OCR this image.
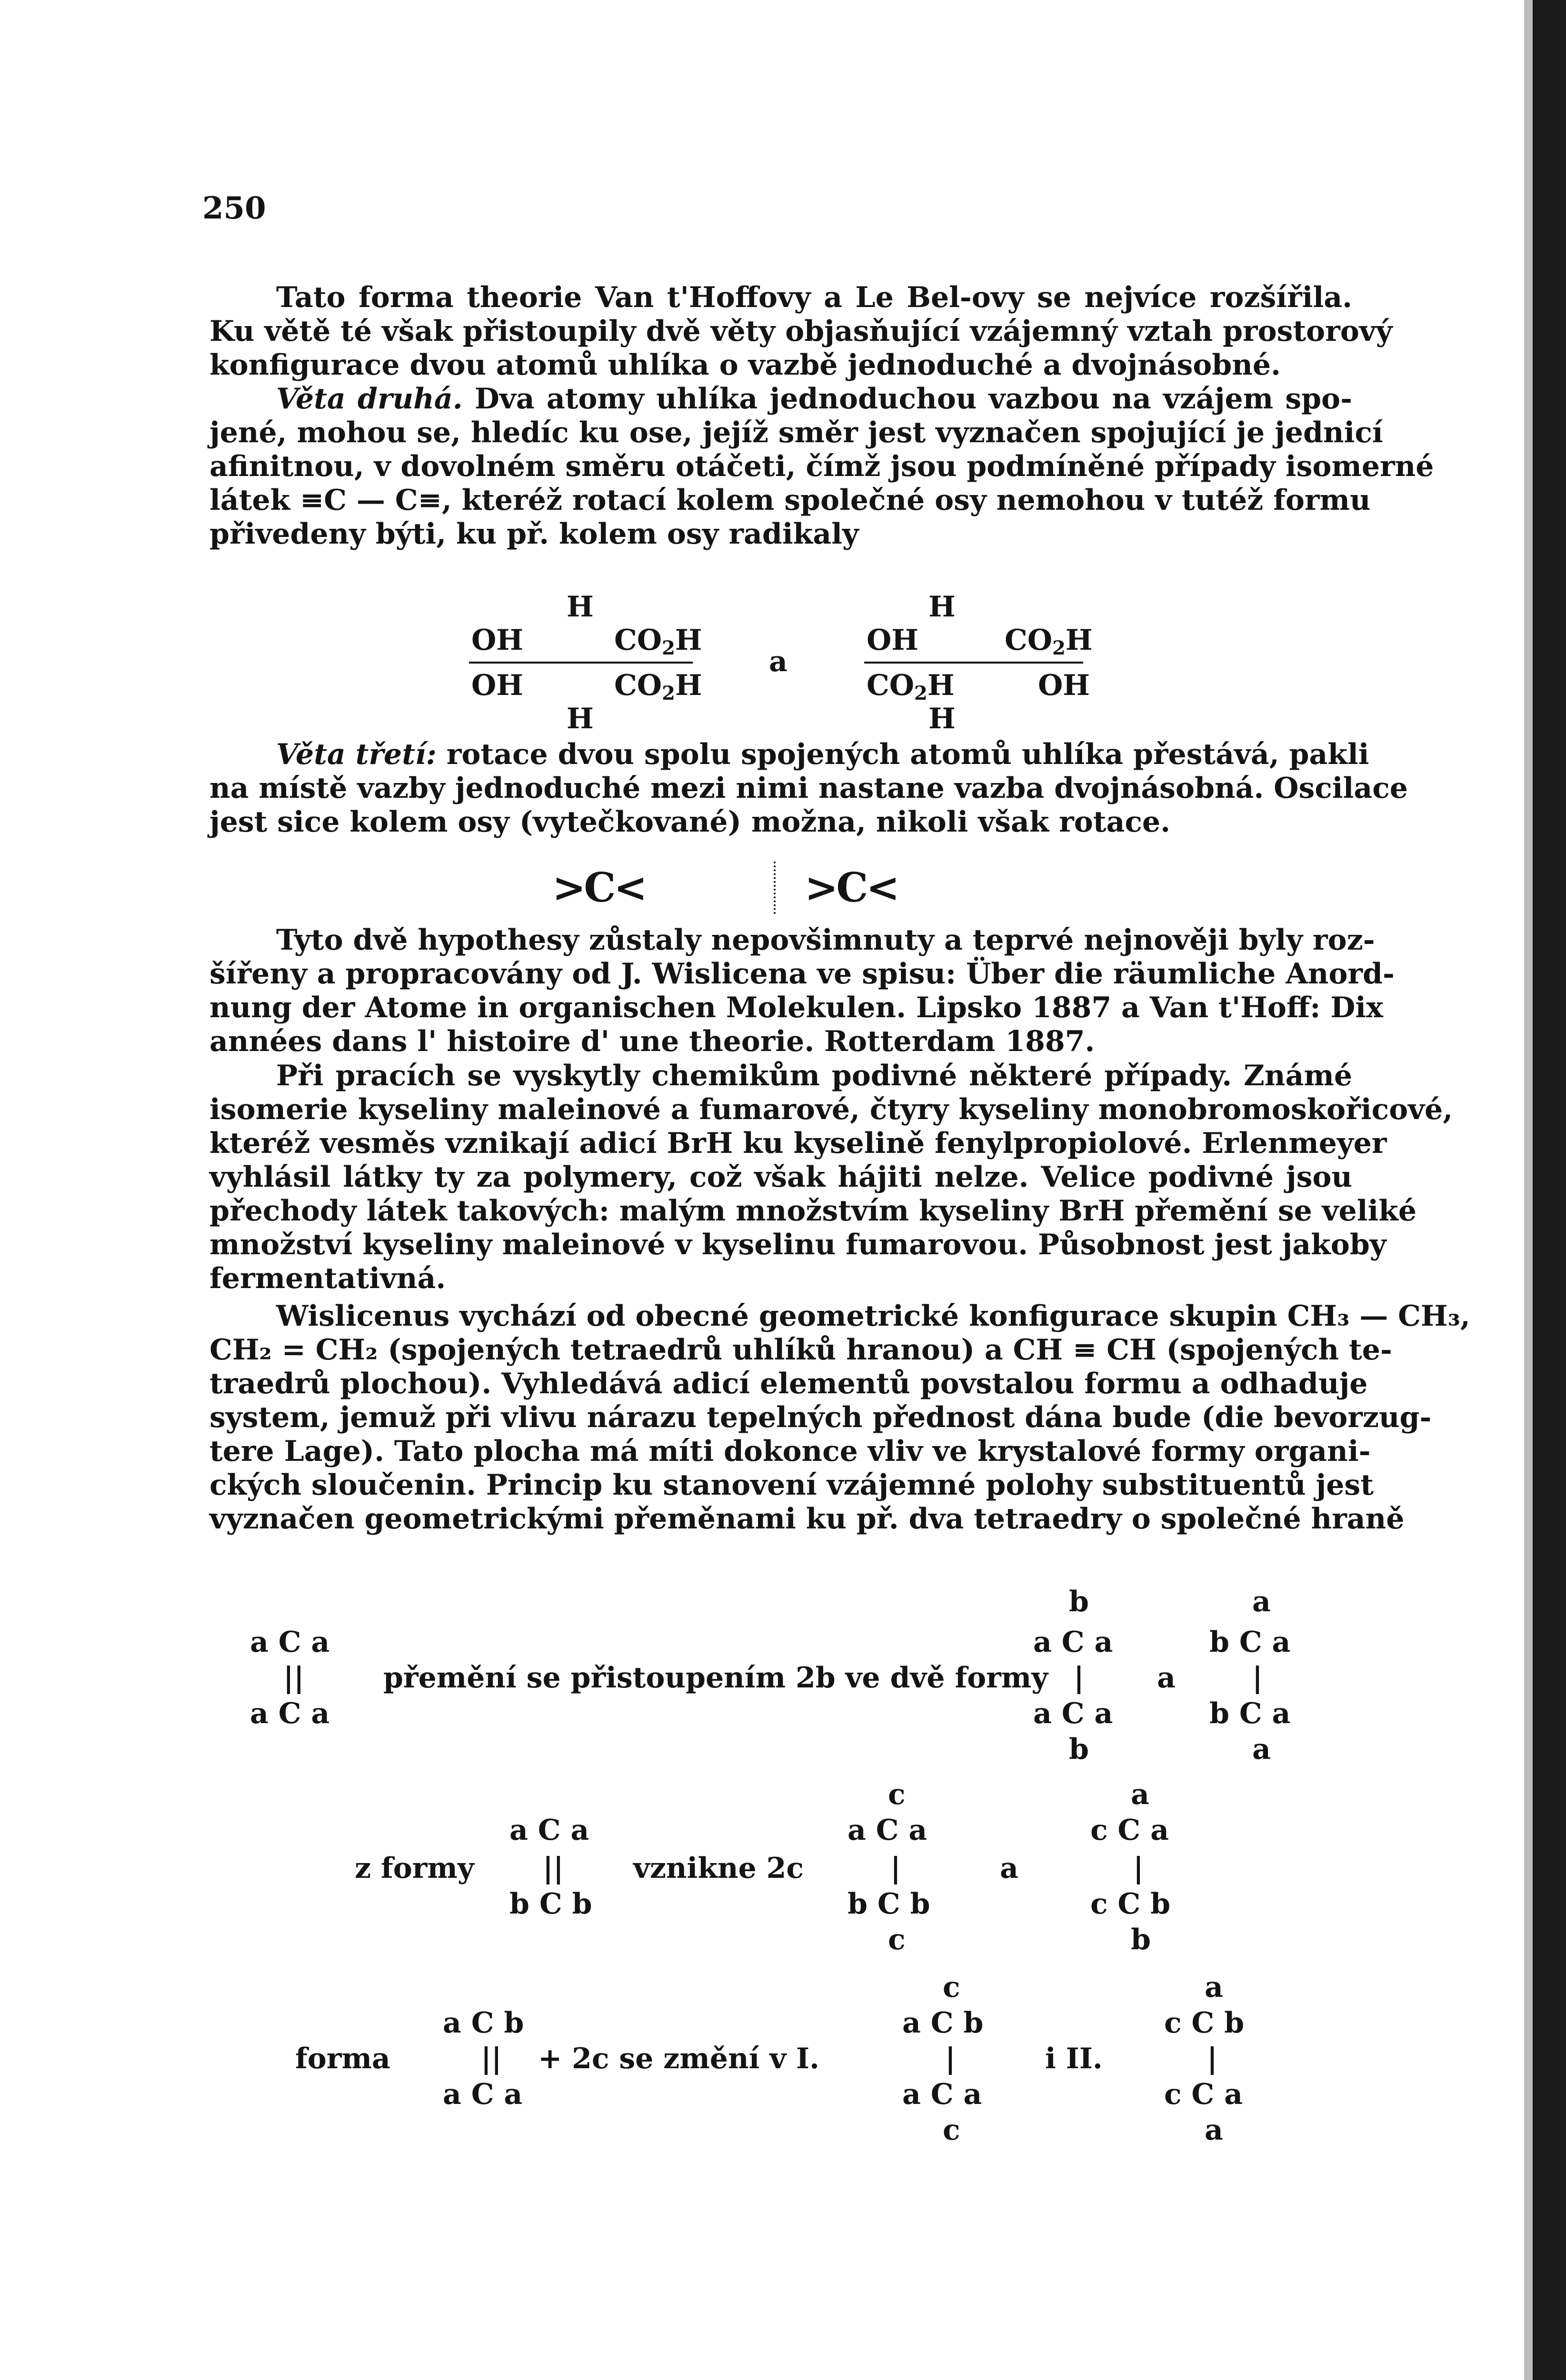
250
Tato forma theorie Van t'Hoffovy a Le Bel-ovy se nejvíce rozšířila.
Ku větě té však přistoupily dvě věty objasňující vzájemný vztah prostorový
konfigurace dvou atomů uhlíka o vazbě jednoduché a dvojnásobné.
Věta druhá. Dva atomy uhlíka jednoduchou vazbou na vzájem spo-
jené, mohou se, hledíc ku ose, jejíž směr jest vyznačen spojující je jednicí
afinitnou, v dovolném směru otáčeti, čímž jsou podmíněné případy isomerné
látek ≡C — C≡, kteréž rotací kolem společné osy nemohou v tutéž formu
přivedeny býti, ku př. kolem osy radikaly
H	H
OH	$CO_2H$	OH	$CO_2H$
a
OH	$CO_2H$	$CO_2H$	OH
H	H
Věta třetí: rotace dvou spolu spojených atomů uhlíka přestává, pakli
na místě vazby jednoduché mezi nimi nastane vazba dvojnásobná. Oscilace
jest sice kolem osy (vytečkované) možna, nikoli však rotace.
>C<	>C<
Tyto dvě hypothesy zůstaly nepovšimnuty a teprvé nejnověji byly roz-
šířeny a propracovány od J. Wislicena ve spisu: Über die räumliche Anord-
nung der Atome in organischen Molekulen. Lipsko 1887 a Van t'Hoff: Dix
années dans l' histoire d' une theorie. Rotterdam 1887.
Při pracích se vyskytly chemikům podivné některé případy. Známé
isomerie kyseliny maleinové a fumarové, čtyry kyseliny monobromoskořicové,
kteréž vesměs vznikají adicí BrH ku kyselině fenylpropiolové. Erlenmeyer
vyhlásil látky ty za polymery, což však hájiti nelze. Velice podivné jsou
přechody látek takových: malým množstvím kyseliny BrH přemění se veliké
množství kyseliny maleinové v kyselinu fumarovou. Působnost jest jakoby
fermentativná.
Wislicenus vychází od obecné geometrické konfigurace skupin CH₃ — CH₃,
CH₂ = CH₂ (spojených tetraedrů uhlíků hranou) a CH ≡ CH (spojených te-
traedrů plochou). Vyhledává adicí elementů povstalou formu a odhaduje
system, jemuž při vlivu nárazu tepelných přednost dána bude (die bevorzug-
tere Lage). Tato plocha má míti dokonce vliv ve krystalové formy organi-
ckých sloučenin. Princip ku stanovení vzájemné polohy substituentů jest
vyznačen geometrickými přeměnami ku př. dva tetraedry o společné hraně
b	a
a C a	a C a	b C a
||	přemění se přistoupením 2b ve dvě formy |	a	|
a C a	a C a	b C a
b	a
c	a
a C a	a C a	c C a
z formy || vznikne 2c	|	a	|
b C b	b C b	c C b
c	b
c	a
a C b	a C b	c C b
forma	|| + 2c se změní v I.	|	i II.	|
a C a	a C a	c C a
c	a
